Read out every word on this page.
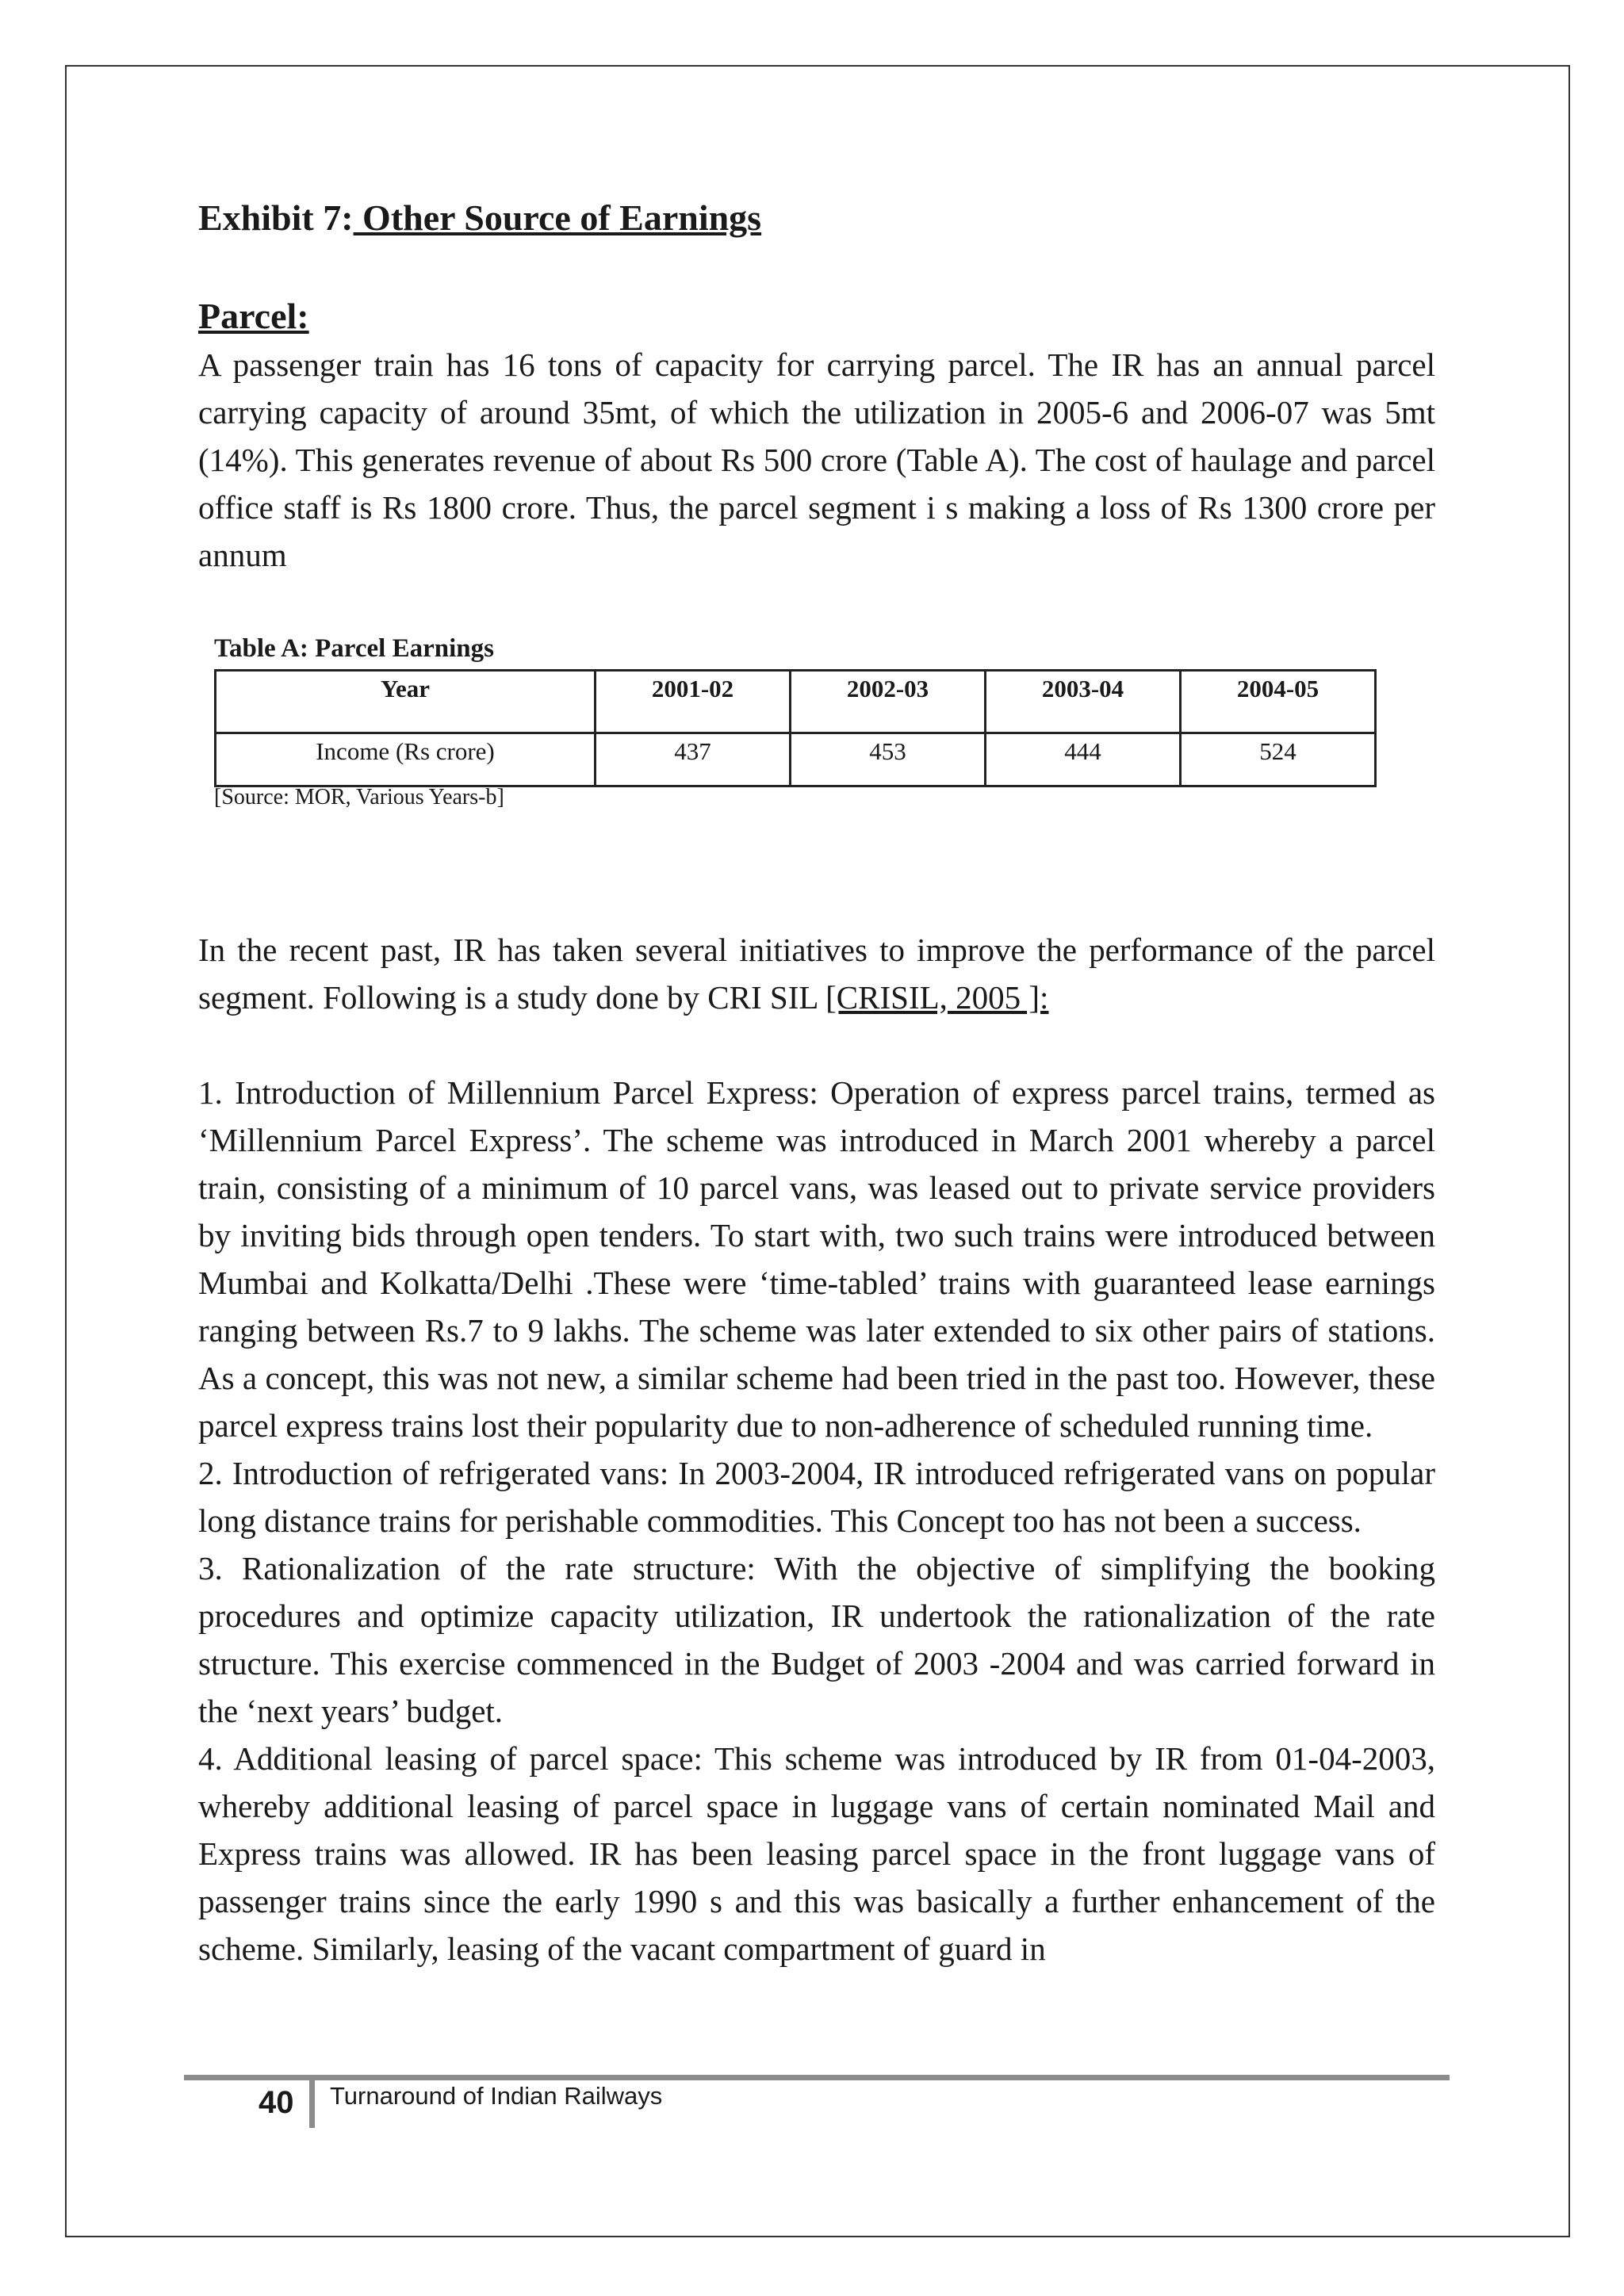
Exhibit 7: Other Source of Earnings
Parcel:

A passenger train has 16 tons of capacity for carrying parcel. The IR has an annual parcel carrying capacity of around 35mt, of which the utilization in 2005-6 and 2006-07 was 5mt (14%). This generates revenue of about Rs 500 crore (Table A). The cost of haulage and parcel office staff is Rs 1800 crore. Thus, the parcel segment i s making a loss of Rs 1300 crore per annum

Table A: Parcel Earnings

Year	2001-02	2002-03	2003-04	2004-05
Income (Rs crore)	437	453	444	524

[Source: MOR, Various Years-b]

In the recent past, IR has taken several initiatives to improve the performance of the parcel segment. Following is a study done by CRI SIL [CRISIL, 2005 ]:

1. Introduction of Millennium Parcel Express: Operation of express parcel trains, termed as ‘Millennium Parcel Express’. The scheme was introduced in March 2001 whereby a parcel train, consisting of a minimum of 10 parcel vans, was leased out to private service providers by inviting bids through open tenders. To start with, two such trains were introduced between Mumbai and Kolkatta/Delhi .These were ‘time-tabled’ trains with guaranteed lease earnings ranging between Rs.7 to 9 lakhs. The scheme was later extended to six other pairs of stations. As a concept, this was not new, a similar scheme had been tried in the past too. However, these parcel express trains lost their popularity due to non-adherence of scheduled running time.

2. Introduction of refrigerated vans: In 2003-2004, IR introduced refrigerated vans on popular long distance trains for perishable commodities. This Concept too has not been a success.

3. Rationalization of the rate structure: With the objective of simplifying the booking procedures and optimize capacity utilization, IR undertook the rationalization of the rate structure. This exercise commenced in the Budget of 2003 -2004 and was carried forward in the ‘next years’ budget.

4. Additional leasing of parcel space: This scheme was introduced by IR from 01-04-2003, whereby additional leasing of parcel space in luggage vans of certain nominated Mail and Express trains was allowed. IR has been leasing parcel space in the front luggage vans of passenger trains since the early 1990 s and this was basically a further enhancement of the scheme. Similarly, leasing of the vacant compartment of guard in

40 Turnaround of Indian Railways
